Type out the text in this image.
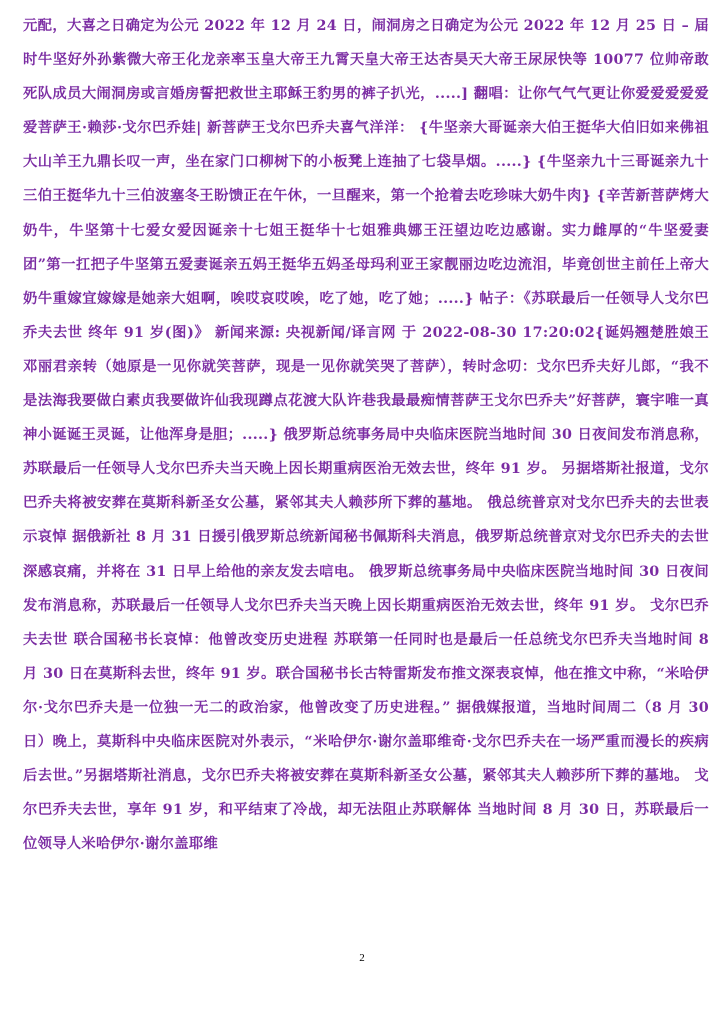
元配，大喜之日确定为公元 2022 年 12 月 24 日，闹洞房之日确定为公元 2022 年 12 月 25 日 – 届时牛坚好外孙紫微大帝王化龙亲率玉皇大帝王九霄天皇大帝王达杏昊天大帝王尿尿快等 10077 位帅帝敢死队成员大闹洞房或言婚房誓把救世主耶稣王豹男的裤子扒光，.....] 翻唱：让你气气气更让你爱爱爱爱爱爱菩萨王·赖莎·戈尔巴乔娃| 新菩萨王戈尔巴乔夫喜气洋洋： {牛坚亲大哥诞亲大伯王挺华大伯旧如来佛祖大山羊王九鼎长叹一声，坐在家门口柳树下的小板凳上连抽了七袋旱烟。.....} {牛坚亲九十三哥诞亲九十三伯王挺华九十三伯波塞冬王盼馈正在午休，一旦醒来，第一个抢着去吃珍味大奶牛肉} {辛苦新菩萨烤大奶牛，牛坚第十七爱女爱因诞亲十七姐王挺华十七姐雅典娜王汪望边吃边感谢。实力雌厚的“牛坚爱妻团”第一扛把子牛坚第五爱妻诞亲五妈王挺华五妈圣母玛利亚王家靓丽边吃边流泪，毕竟创世主前任上帝大奶牛重嫁宜嫁嫁是她亲大姐啊，唉哎哀哎唉，吃了她，吃了她；.....} 帖子：《苏联最后一任领导人戈尔巴乔夫去世 终年 91 岁(图)》 新闻来源: 央视新闻/译言网 于 2022-08-30 17:20:02{诞妈翘楚胜娘王邓丽君亲转（她原是一见你就笑菩萨，现是一见你就笑哭了菩萨），转时念叨：戈尔巴乔夫好儿郎，“我不是法海我要做白素贞我要做许仙我现蹲点花渡大队许巷我最最痴情菩萨王戈尔巴乔夫”好菩萨，寰宇唯一真神小诞诞王灵诞，让他浑身是胆；.....} 俄罗斯总统事务局中央临床医院当地时间 30 日夜间发布消息称，苏联最后一任领导人戈尔巴乔夫当天晚上因长期重病医治无效去世，终年 91 岁。 另据塔斯社报道，戈尔巴乔夫将被安葬在莫斯科新圣女公墓，紧邻其夫人赖莎所下葬的墓地。 俄总统普京对戈尔巴乔夫的去世表示哀悼 据俄新社 8 月 31 日援引俄罗斯总统新闻秘书佩斯科夫消息，俄罗斯总统普京对戈尔巴乔夫的去世深感哀痛，并将在 31 日早上给他的亲友发去唁电。 俄罗斯总统事务局中央临床医院当地时间 30 日夜间发布消息称，苏联最后一任领导人戈尔巴乔夫当天晚上因长期重病医治无效去世，终年 91 岁。 戈尔巴乔夫去世 联合国秘书长哀悼：他曾改变历史进程 苏联第一任同时也是最后一任总统戈尔巴乔夫当地时间 8 月 30 日在莫斯科去世，终年 91 岁。联合国秘书长古特雷斯发布推文深表哀悼，他在推文中称，“米哈伊尔·戈尔巴乔夫是一位独一无二的政治家，他曾改变了历史进程。” 据俄媒报道，当地时间周二（8 月 30 日）晚上，莫斯科中央临床医院对外表示，“米哈伊尔·谢尔盖耶维奇·戈尔巴乔夫在一场严重而漫长的疾病后去世。”另据塔斯社消息，戈尔巴乔夫将被安葬在莫斯科新圣女公墓，紧邻其夫人赖莎所下葬的墓地。 戈尔巴乔夫去世，享年 91 岁，和平结束了冷战，却无法阻止苏联解体 当地时间 8 月 30 日，苏联最后一位领导人米哈伊尔·谢尔盖耶维

2
